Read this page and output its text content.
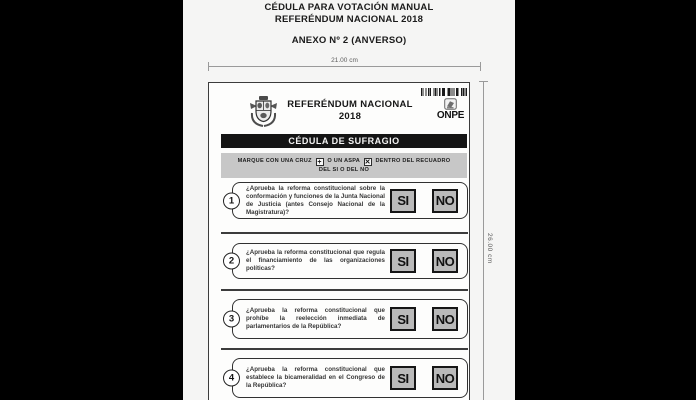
CÉDULA PARA VOTACIÓN MANUAL
REFERÉNDUM NACIONAL 2018
ANEXO Nº 2 (ANVERSO)
21.00 cm
26.00 cm
REFERÉNDUM NACIONAL
2018	ONPE
CÉDULA DE SUFRAGIO
MARQUE CON UNA CRUZ + O UN ASPA ✕ DENTRO DEL RECUADRO
DEL SI O DEL NO
1
¿Aprueba la reforma constitucional sobre la conformación y funciones de la Junta Nacional de Justicia (antes Consejo Nacional de la Magistratura)?
SI	NO
2
¿Aprueba la reforma constitucional que regula el financiamiento de las organizaciones políticas?
SI	NO
3
¿Aprueba la reforma constitucional que prohíbe la reelección inmediata de parlamentarios de la República?
SI	NO
4
¿Aprueba la reforma constitucional que establece la bicameralidad en el Congreso de la República?
SI	NO
